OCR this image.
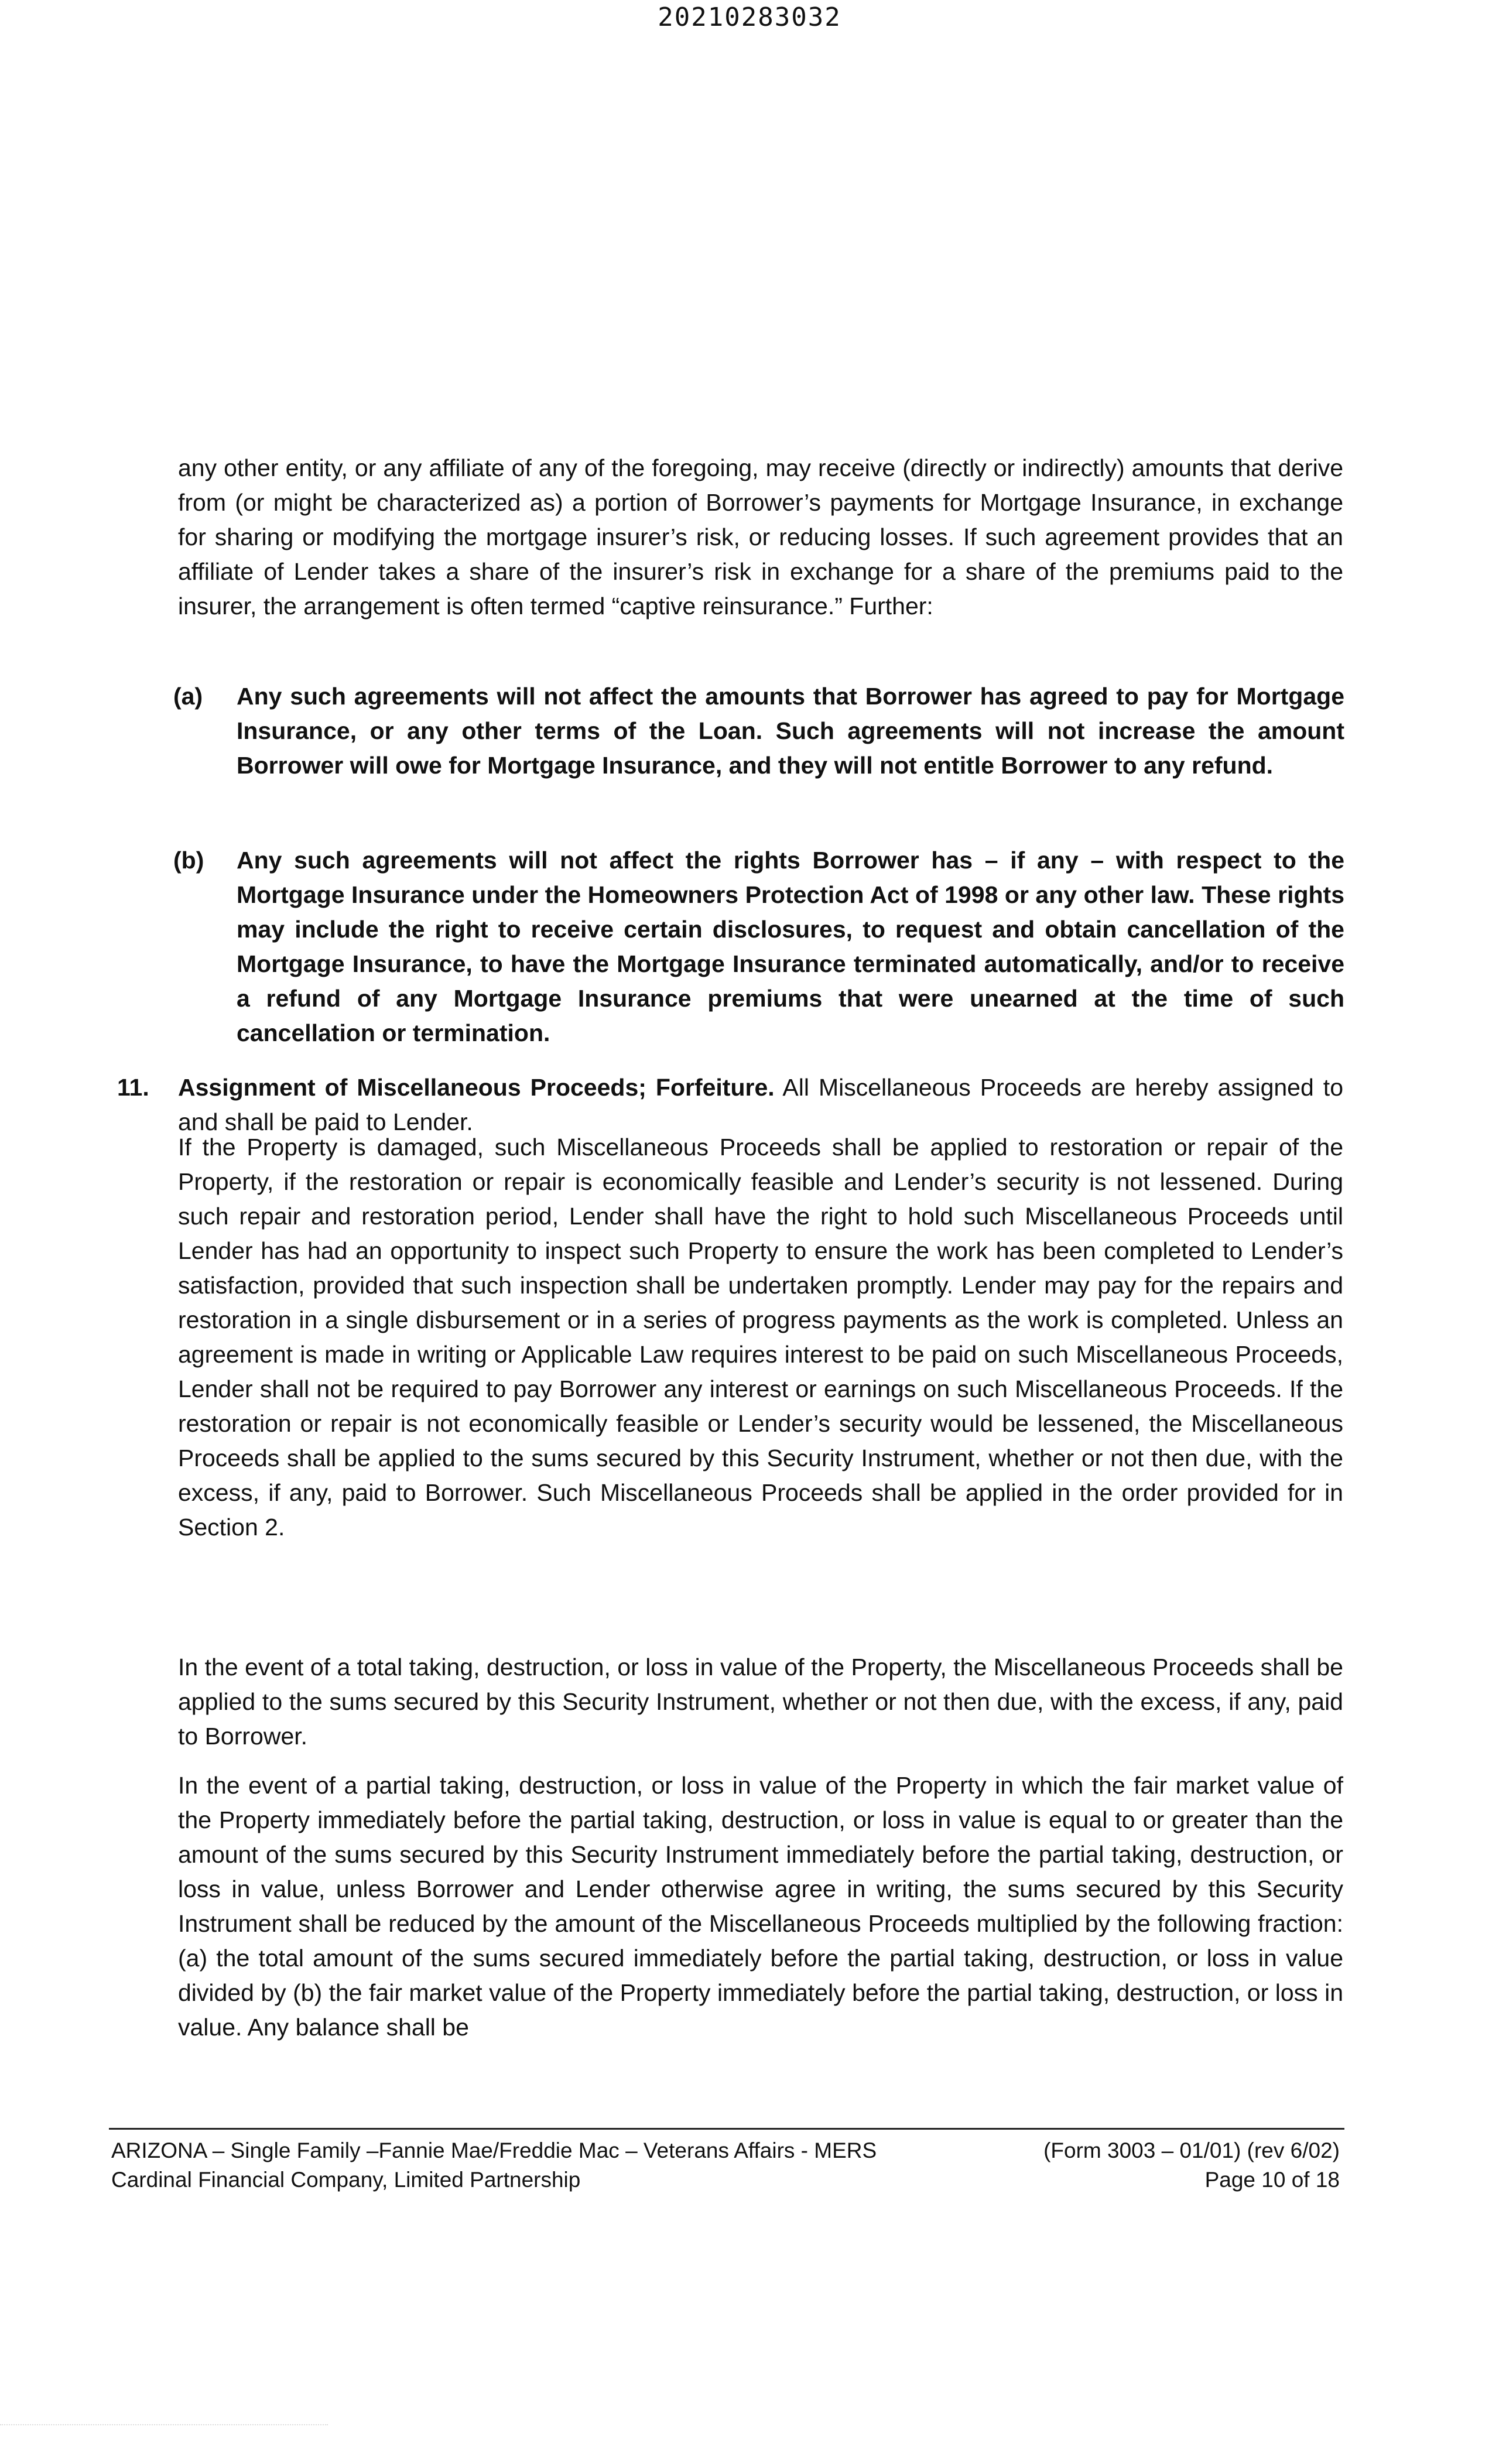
20210283032

any other entity, or any affiliate of any of the foregoing, may receive (directly or indirectly) amounts that derive from (or might be characterized as) a portion of Borrower’s payments for Mortgage Insurance, in exchange for sharing or modifying the mortgage insurer’s risk, or reducing losses. If such agreement provides that an affiliate of Lender takes a share of the insurer’s risk in exchange for a share of the premiums paid to the insurer, the arrangement is often termed “captive reinsurance.” Further:

(a)	Any such agreements will not affect the amounts that Borrower has agreed to pay for Mortgage Insurance, or any other terms of the Loan. Such agreements will not increase the amount Borrower will owe for Mortgage Insurance, and they will not entitle Borrower to any refund.
(b)	Any such agreements will not affect the rights Borrower has – if any – with respect to the Mortgage Insurance under the Homeowners Protection Act of 1998 or any other law. These rights may include the right to receive certain disclosures, to request and obtain cancellation of the Mortgage Insurance, to have the Mortgage Insurance terminated automatically, and/or to receive a refund of any Mortgage Insurance premiums that were unearned at the time of such cancellation or termination.
11. Assignment of Miscellaneous Proceeds; Forfeiture. All Miscellaneous Proceeds are hereby assigned to and shall be paid to Lender.

If the Property is damaged, such Miscellaneous Proceeds shall be applied to restoration or repair of the Property, if the restoration or repair is economically feasible and Lender’s security is not lessened. During such repair and restoration period, Lender shall have the right to hold such Miscellaneous Proceeds until Lender has had an opportunity to inspect such Property to ensure the work has been completed to Lender’s satisfaction, provided that such inspection shall be undertaken promptly. Lender may pay for the repairs and restoration in a single disbursement or in a series of progress payments as the work is completed. Unless an agreement is made in writing or Applicable Law requires interest to be paid on such Miscellaneous Proceeds, Lender shall not be required to pay Borrower any interest or earnings on such Miscellaneous Proceeds. If the restoration or repair is not economically feasible or Lender’s security would be lessened, the Miscellaneous Proceeds shall be applied to the sums secured by this Security Instrument, whether or not then due, with the excess, if any, paid to Borrower. Such Miscellaneous Proceeds shall be applied in the order provided for in Section 2.

In the event of a total taking, destruction, or loss in value of the Property, the Miscellaneous Proceeds shall be applied to the sums secured by this Security Instrument, whether or not then due, with the excess, if any, paid to Borrower.

In the event of a partial taking, destruction, or loss in value of the Property in which the fair market value of the Property immediately before the partial taking, destruction, or loss in value is equal to or greater than the amount of the sums secured by this Security Instrument immediately before the partial taking, destruction, or loss in value, unless Borrower and Lender otherwise agree in writing, the sums secured by this Security Instrument shall be reduced by the amount of the Miscellaneous Proceeds multiplied by the following fraction: (a) the total amount of the sums secured immediately before the partial taking, destruction, or loss in value divided by (b) the fair market value of the Property immediately before the partial taking, destruction, or loss in value. Any balance shall be

ARIZONA – Single Family –Fannie Mae/Freddie Mac – Veterans Affairs - MERS
Cardinal Financial Company, Limited Partnership
(Form 3003 – 01/01) (rev 6/02)
Page 10 of 18
